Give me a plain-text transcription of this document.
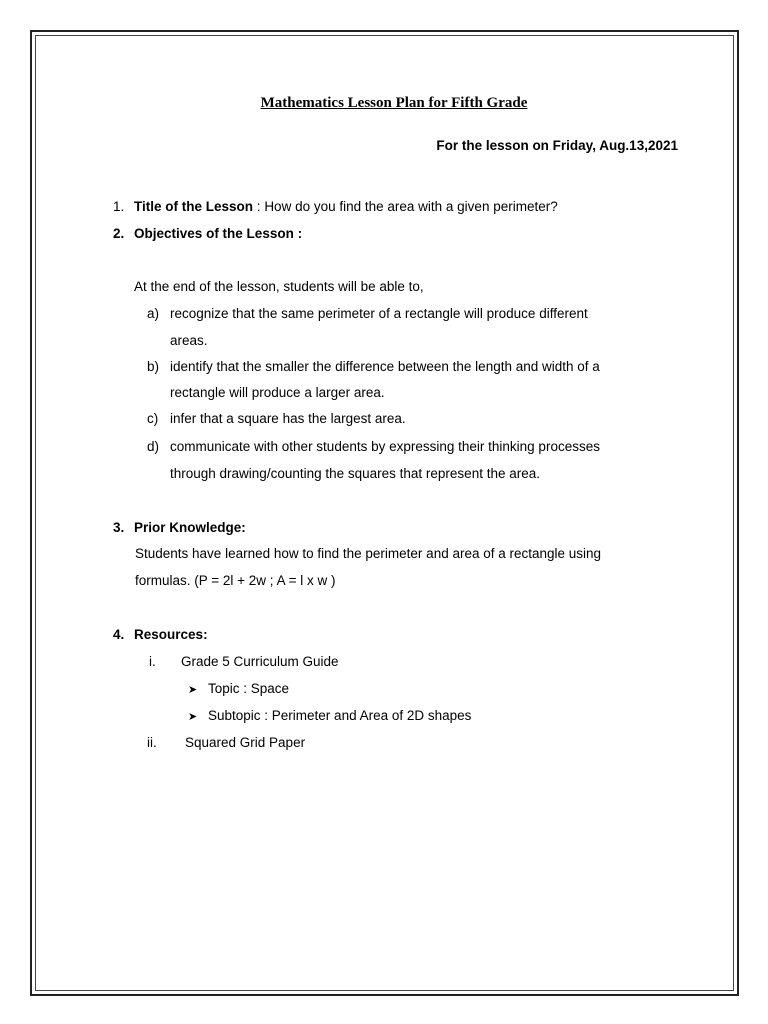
Mathematics Lesson Plan for Fifth Grade
For the lesson on Friday, Aug.13,2021
1. Title of the Lesson : How do you find the area with a given perimeter?
2. Objectives of the Lesson :
At the end of the lesson, students will be able to,
a) recognize that the same perimeter of a rectangle will produce different
areas.
b) identify that the smaller the difference between the length and width of a
rectangle will produce a larger area.
c) infer that a square has the largest area.
d) communicate with other students by expressing their thinking processes
through drawing/counting the squares that represent the area.
3. Prior Knowledge:
Students have learned how to find the perimeter and area of a rectangle using
formulas. (P = 2l + 2w ; A = l x w )
4. Resources:
i. Grade 5 Curriculum Guide
➤ Topic : Space
➤ Subtopic : Perimeter and Area of 2D shapes
ii. Squared Grid Paper
